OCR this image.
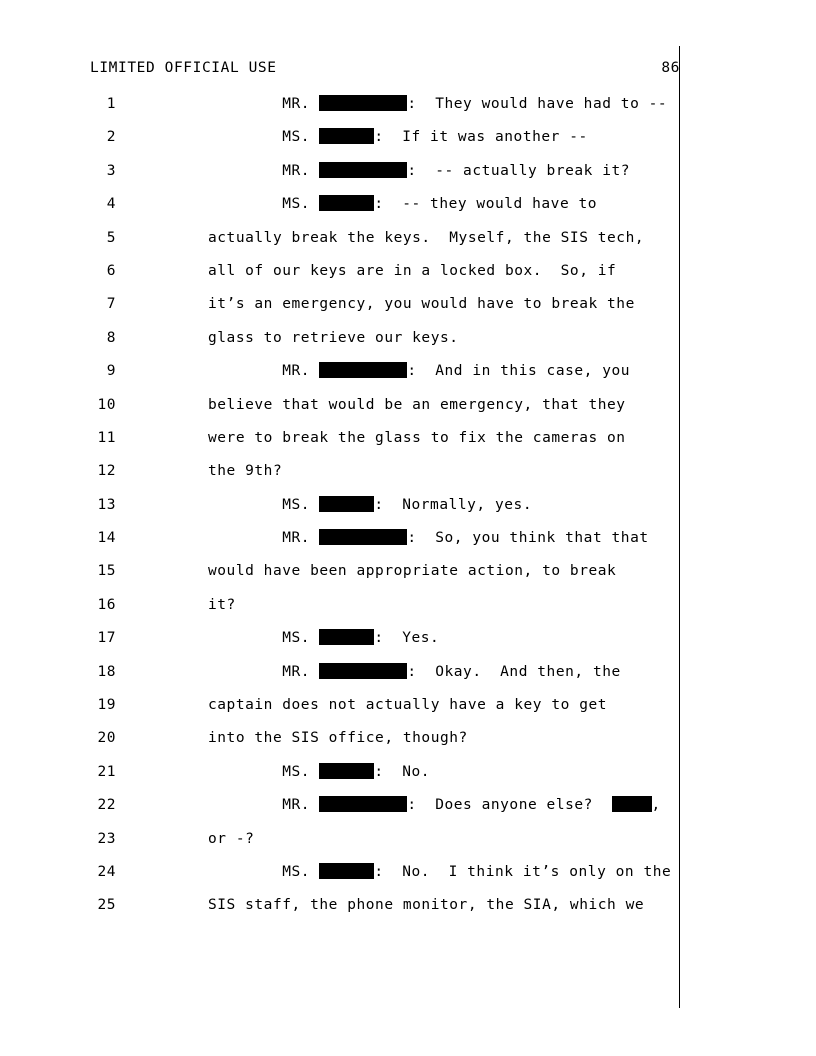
LIMITED OFFICIAL USE	86
1	MR.	:  They would have had to --
2	MS.	:  If it was another --
3	MR.	:  -- actually break it?
4	MS.	:  -- they would have to
5	actually break the keys.  Myself, the SIS tech,
6	all of our keys are in a locked box.  So, if
7	it’s an emergency, you would have to break the
8	glass to retrieve our keys.
9	MR.	:  And in this case, you
10	believe that would be an emergency, that they
11	were to break the glass to fix the cameras on
12	the 9th?
13	MS.	:  Normally, yes.
14	MR.	:  So, you think that that
15	would have been appropriate action, to break
16	it?
17	MS.	:  Yes.
18	MR.	:  Okay.  And then, the
19	captain does not actually have a key to get
20	into the SIS office, though?
21	MS.	:  No.
22	MR.	:  Does anyone else?	,
23	or -?
24	MS.	:  No.  I think it’s only on the
25	SIS staff, the phone monitor, the SIA, which we
